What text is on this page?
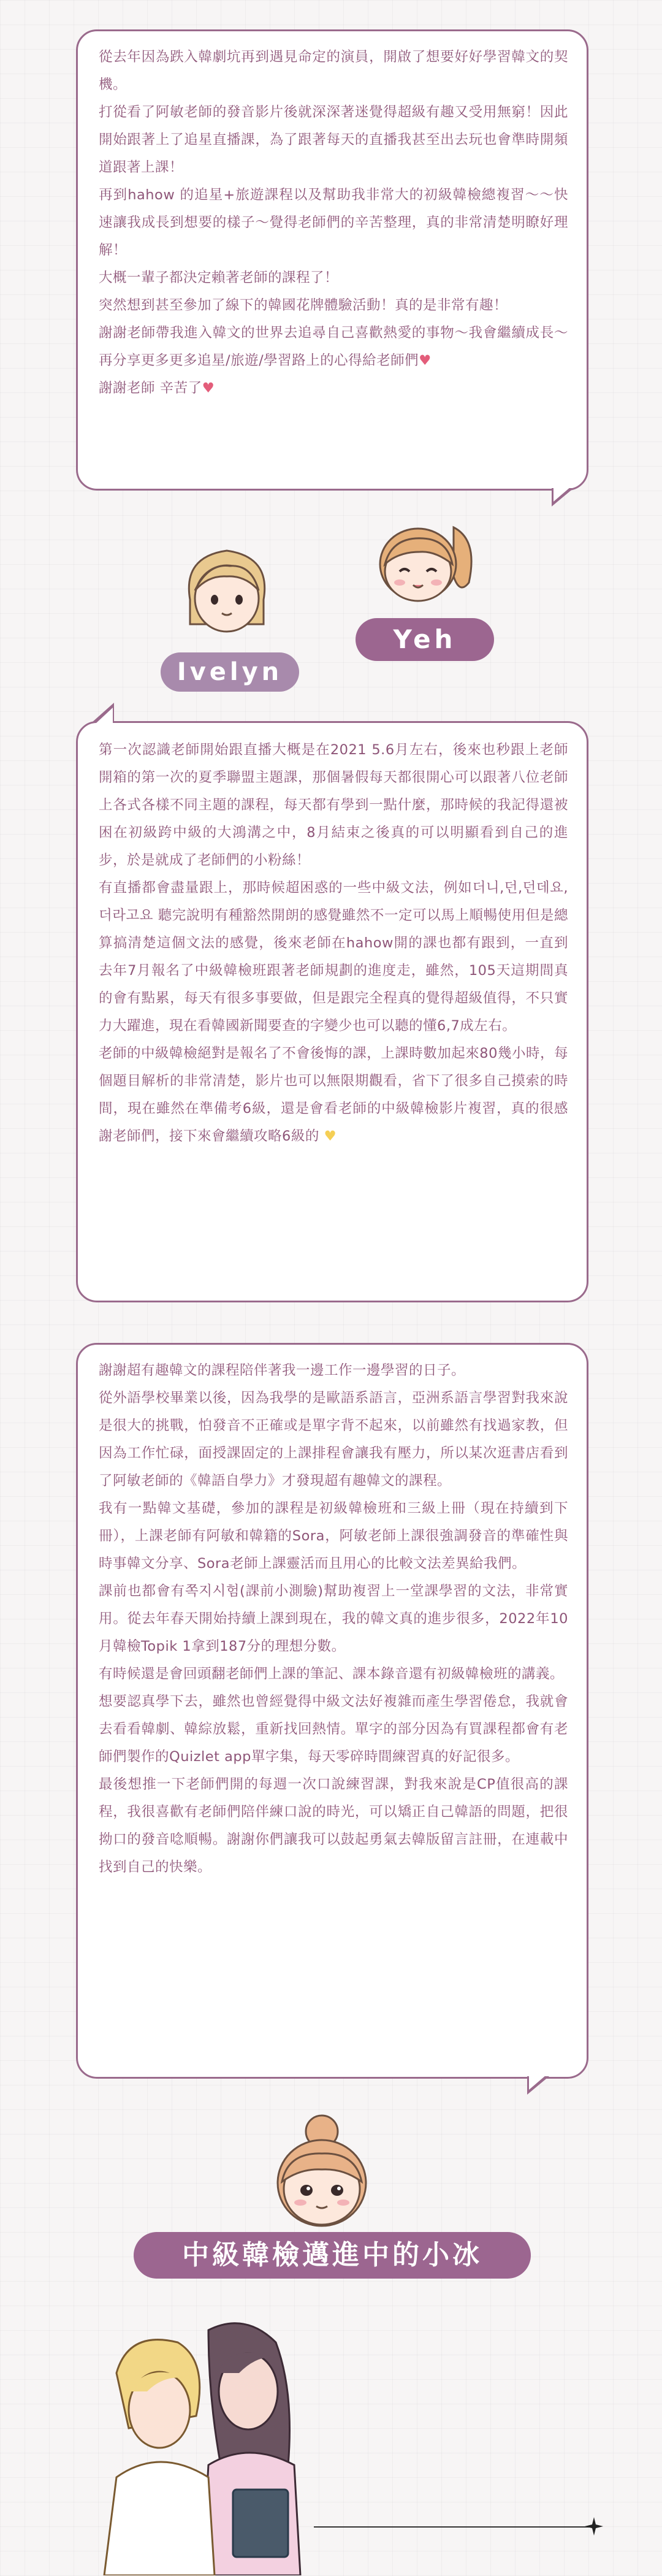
從去年因為跌入韓劇坑再到遇見命定的演員，開啟了想要好好學習韓文的契機。

打從看了阿敏老師的發音影片後就深深著迷覺得超級有趣又受用無窮！因此開始跟著上了追星直播課，為了跟著每天的直播我甚至出去玩也會準時開頻道跟著上課！

再到hahow 的追星+旅遊課程以及幫助我非常大的初級韓檢總複習～～快速讓我成長到想要的樣子～覺得老師們的辛苦整理，真的非常清楚明瞭好理解！

大概一輩子都決定賴著老師的課程了！

突然想到甚至參加了線下的韓國花牌體驗活動！真的是非常有趣！

謝謝老師帶我進入韓文的世界去追尋自己喜歡熱愛的事物～我會繼續成長～再分享更多更多追星/旅遊/學習路上的心得給老師們♥

謝謝老師 辛苦了♥

Ivelyn
Yeh

第一次認識老師開始跟直播大概是在2021 5.6月左右，後來也秒跟上老師開箱的第一次的夏季聯盟主題課，那個暑假每天都很開心可以跟著八位老師上各式各樣不同主題的課程，每天都有學到一點什麼，那時候的我記得還被困在初級跨中級的大鴻溝之中，8月結束之後真的可以明顯看到自己的進步，於是就成了老師們的小粉絲！

有直播都會盡量跟上，那時候超困惑的一些中級文法，例如더니,던,던데요,더라고요 聽完說明有種豁然開朗的感覺雖然不一定可以馬上順暢使用但是總算搞清楚這個文法的感覺，後來老師在hahow開的課也都有跟到，一直到去年7月報名了中級韓檢班跟著老師規劃的進度走，雖然，105天這期間真的會有點累，每天有很多事要做，但是跟完全程真的覺得超級值得，不只實力大躍進，現在看韓國新聞要查的字變少也可以聽的懂6,7成左右。

老師的中級韓檢絕對是報名了不會後悔的課，上課時數加起來80幾小時，每個題目解析的非常清楚，影片也可以無限期觀看，省下了很多自己摸索的時間，現在雖然在準備考6級，還是會看老師的中級韓檢影片複習，真的很感謝老師們，接下來會繼續攻略6級的 ♥

謝謝超有趣韓文的課程陪伴著我一邊工作一邊學習的日子。

從外語學校畢業以後，因為我學的是歐語系語言，亞洲系語言學習對我來說是很大的挑戰，怕發音不正確或是單字背不起來，以前雖然有找過家教，但因為工作忙碌，面授課固定的上課排程會讓我有壓力，所以某次逛書店看到了阿敏老師的《韓語自學力》才發現超有趣韓文的課程。

我有一點韓文基礎，參加的課程是初級韓檢班和三級上冊（現在持續到下冊），上課老師有阿敏和韓籍的Sora，阿敏老師上課很強調發音的準確性與時事韓文分享、Sora老師上課靈活而且用心的比較文法差異給我們。

課前也都會有쪽지시험(課前小測驗)幫助複習上一堂課學習的文法，非常實用。從去年春天開始持續上課到現在，我的韓文真的進步很多，2022年10月韓檢Topik 1拿到187分的理想分數。

有時候還是會回頭翻老師們上課的筆記、課本錄音還有初級韓檢班的講義。

想要認真學下去，雖然也曾經覺得中級文法好複雜而產生學習倦怠，我就會去看看韓劇、韓綜放鬆，重新找回熱情。單字的部分因為有買課程都會有老師們製作的Quizlet app單字集，每天零碎時間練習真的好記很多。

最後想推一下老師們開的每週一次口說練習課，對我來說是CP值很高的課程，我很喜歡有老師們陪伴練口說的時光，可以矯正自己韓語的問題，把很拗口的發音唸順暢。謝謝你們讓我可以鼓起勇氣去韓版留言註冊，在連載中找到自己的快樂。

中級韓檢邁進中的小冰
